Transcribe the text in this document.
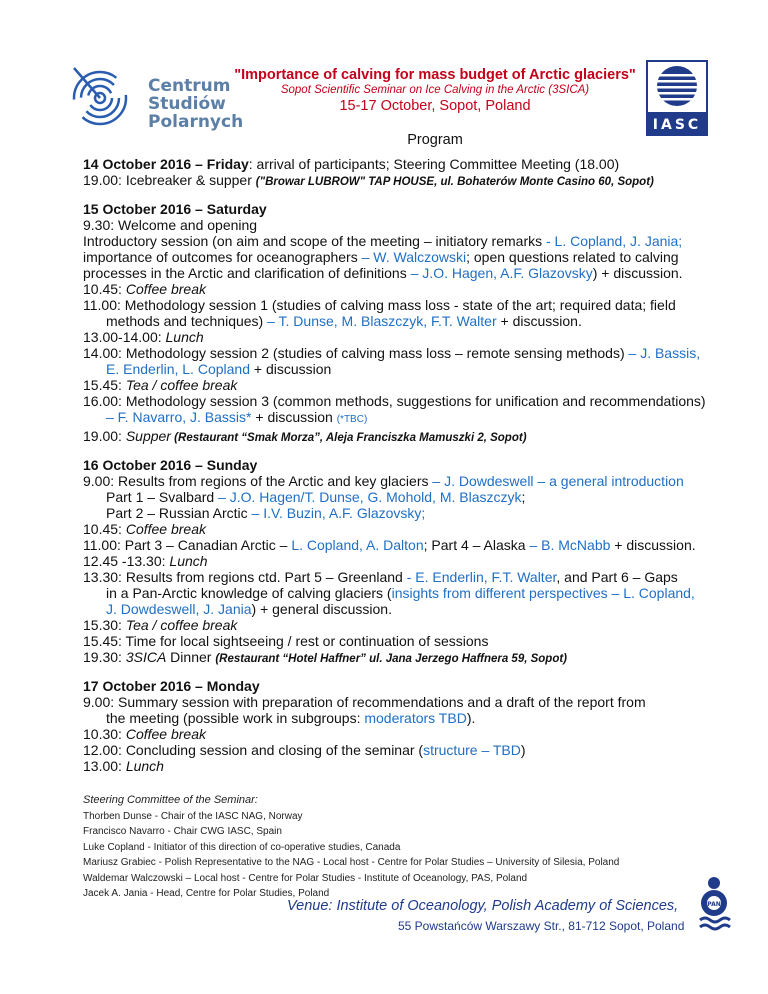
Centrum
Studiów
Polarnych
"Importance of calving for mass budget of Arctic glaciers"
Sopot Scientific Seminar on Ice Calving in the Arctic (3SICA)
15-17 October, Sopot, Poland
Program
IASC
14 October 2016 – Friday: arrival of participants; Steering Committee Meeting (18.00)
19.00: Icebreaker & supper ("Browar LUBROW" TAP HOUSE, ul. Bohaterów Monte Casino 60, Sopot)
15 October 2016 – Saturday
9.30: Welcome and opening
Introductory session (on aim and scope of the meeting – initiatory remarks - L. Copland, J. Jania;
importance of outcomes for oceanographers – W. Walczowski; open questions related to calving
processes in the Arctic and clarification of definitions – J.O. Hagen, A.F. Glazovsky) + discussion.
10.45: Coffee break
11.00: Methodology session 1 (studies of calving mass loss - state of the art; required data; field
methods and techniques) – T. Dunse, M. Blaszczyk, F.T. Walter + discussion.
13.00-14.00: Lunch
14.00: Methodology session 2 (studies of calving mass loss – remote sensing methods) – J. Bassis,
E. Enderlin, L. Copland + discussion
15.45: Tea / coffee break
16.00: Methodology session 3 (common methods, suggestions for unification and recommendations)
– F. Navarro, J. Bassis* + discussion (*TBC)
19.00: Supper (Restaurant “Smak Morza”, Aleja Franciszka Mamuszki 2, Sopot)
16 October 2016 – Sunday
9.00: Results from regions of the Arctic and key glaciers – J. Dowdeswell – a general introduction
Part 1 – Svalbard – J.O. Hagen/T. Dunse, G. Mohold, M. Blaszczyk;
Part 2 – Russian Arctic – I.V. Buzin, A.F. Glazovsky;
10.45: Coffee break
11.00: Part 3 – Canadian Arctic – L. Copland, A. Dalton; Part 4 – Alaska – B. McNabb + discussion.
12.45 -13.30: Lunch
13.30: Results from regions ctd. Part 5 – Greenland - E. Enderlin, F.T. Walter, and Part 6 – Gaps
in a Pan-Arctic knowledge of calving glaciers (insights from different perspectives – L. Copland,
J. Dowdeswell, J. Jania) + general discussion.
15.30: Tea / coffee break
15.45: Time for local sightseeing / rest or continuation of sessions
19.30: 3SICA Dinner (Restaurant “Hotel Haffner” ul. Jana Jerzego Haffnera 59, Sopot)
17 October 2016 – Monday
9.00: Summary session with preparation of recommendations and a draft of the report from
the meeting (possible work in subgroups: moderators TBD).
10.30: Coffee break
12.00: Concluding session and closing of the seminar (structure – TBD)
13.00: Lunch
Steering Committee of the Seminar:
Thorben Dunse - Chair of the IASC NAG, Norway
Francisco Navarro - Chair CWG IASC, Spain
Luke Copland - Initiator of this direction of co-operative studies, Canada
Mariusz Grabiec - Polish Representative to the NAG - Local host - Centre for Polar Studies – University of Silesia, Poland
Waldemar Walczowski – Local host - Centre for Polar Studies - Institute of Oceanology, PAS, Poland
Jacek A. Jania - Head, Centre for Polar Studies, Poland
Venue: Institute of Oceanology, Polish Academy of Sciences,
55 Powstańców Warszawy Str., 81-712 Sopot, Poland
PAN
